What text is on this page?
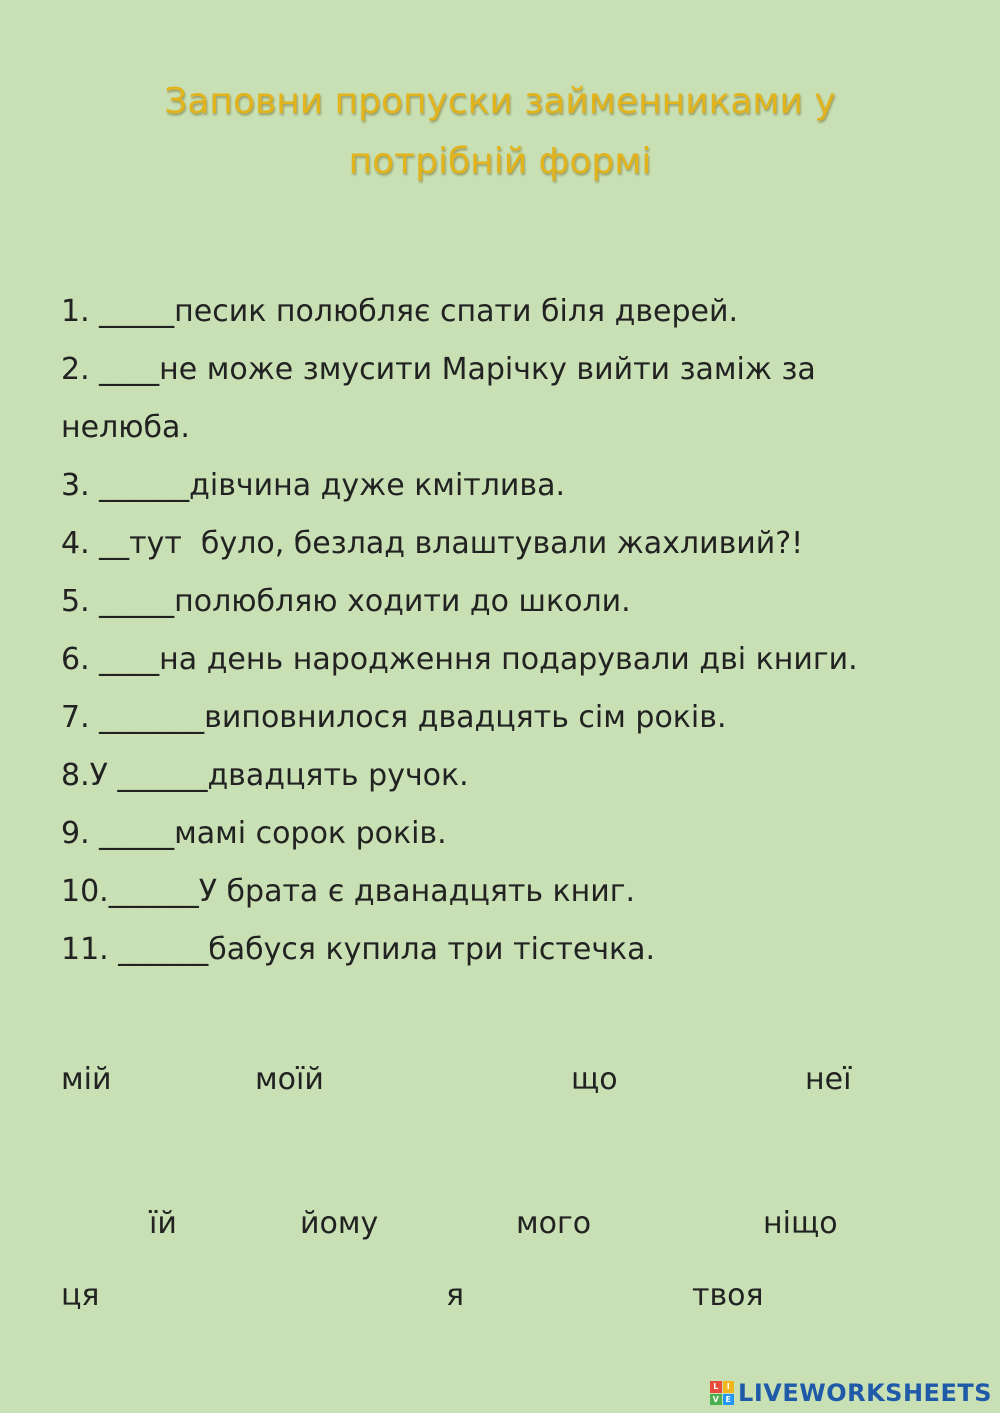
Заповни пропуски займенниками у
потрібній формі
1. _____песик полюбляє спати біля дверей.
2. ____не може змусити Марічку вийти заміж за
нелюба.
3. ______дівчина дуже кмітлива.
4. __тут  було, безлад влаштували жахливий?!
5. _____полюбляю ходити до школи.
6. ____на день народження подарували дві книги.
7. _______виповнилося двадцять сім років.
8.У ______двадцять ручок.
9. _____мамі сорок років.
10.______У брата є дванадцять книг.
11. ______бабуся купила три тістечка.
мій	моїй	що	неї
їй	йому	мого	ніщо
ця	я	твоя
L	I
V E LIVEWORKSHEETS
